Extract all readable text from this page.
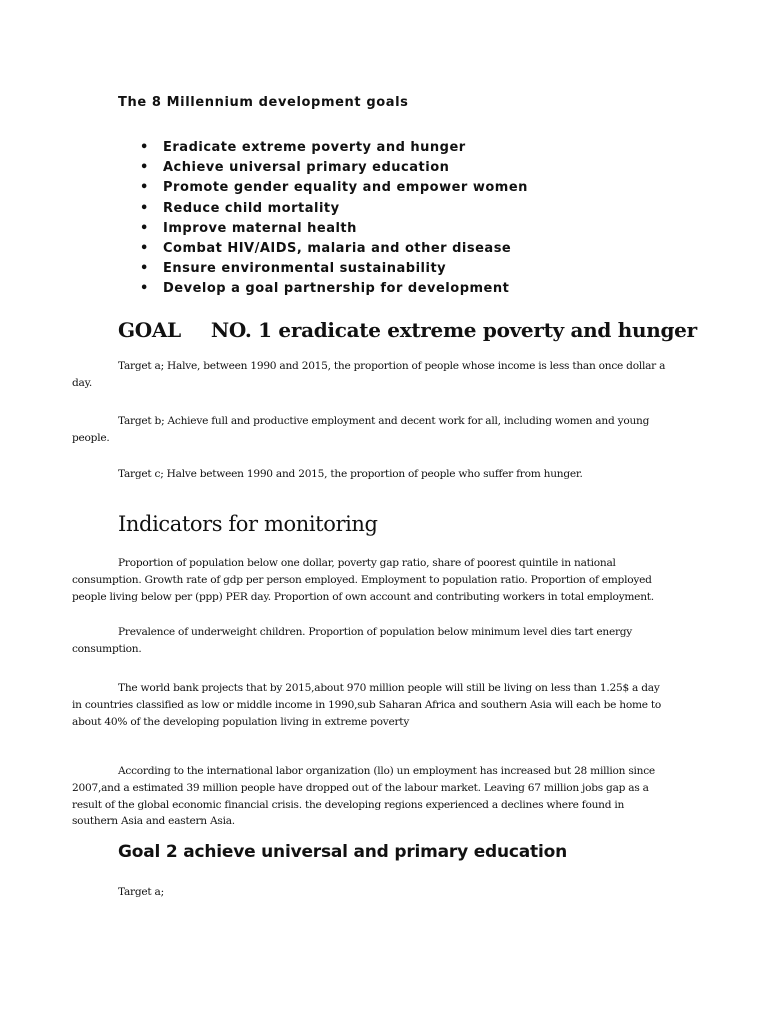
The 8 Millennium development goals
• Eradicate extreme poverty and hunger
• Achieve universal primary education
• Promote gender equality and empower women
• Reduce child mortality
• Improve maternal health
• Combat HIV/AIDS, malaria and other disease
• Ensure environmental sustainability
• Develop a goal partnership for development
GOAL NO. 1 eradicate extreme poverty and hunger

Target a; Halve, between 1990 and 2015, the proportion of people whose income is less than once dollar a day.

Target b; Achieve full and productive employment and decent work for all, including women and young people.

Target c; Halve between 1990 and 2015, the proportion of people who suffer from hunger.

Indicators for monitoring

Proportion of population below one dollar, poverty gap ratio, share of poorest quintile in national consumption. Growth rate of gdp per person employed. Employment to population ratio. Proportion of employed people living below per (ppp) PER day. Proportion of own account and contributing workers in total employment.

Prevalence of underweight children. Proportion of population below minimum level dies tart energy consumption.

The world bank projects that by 2015,about 970 million people will still be living on less than 1.25$ a day in countries classified as low or middle income in 1990,sub Saharan Africa and southern Asia will each be home to about 40% of the developing population living in extreme poverty

According to the international labor organization (llo) un employment has increased but 28 million since 2007,and a estimated 39 million people have dropped out of the labour market. Leaving 67 million jobs gap as a result of the global economic financial crisis. the developing regions experienced a declines where found in southern Asia and eastern Asia.

Goal 2 achieve universal and primary education

Target a;
